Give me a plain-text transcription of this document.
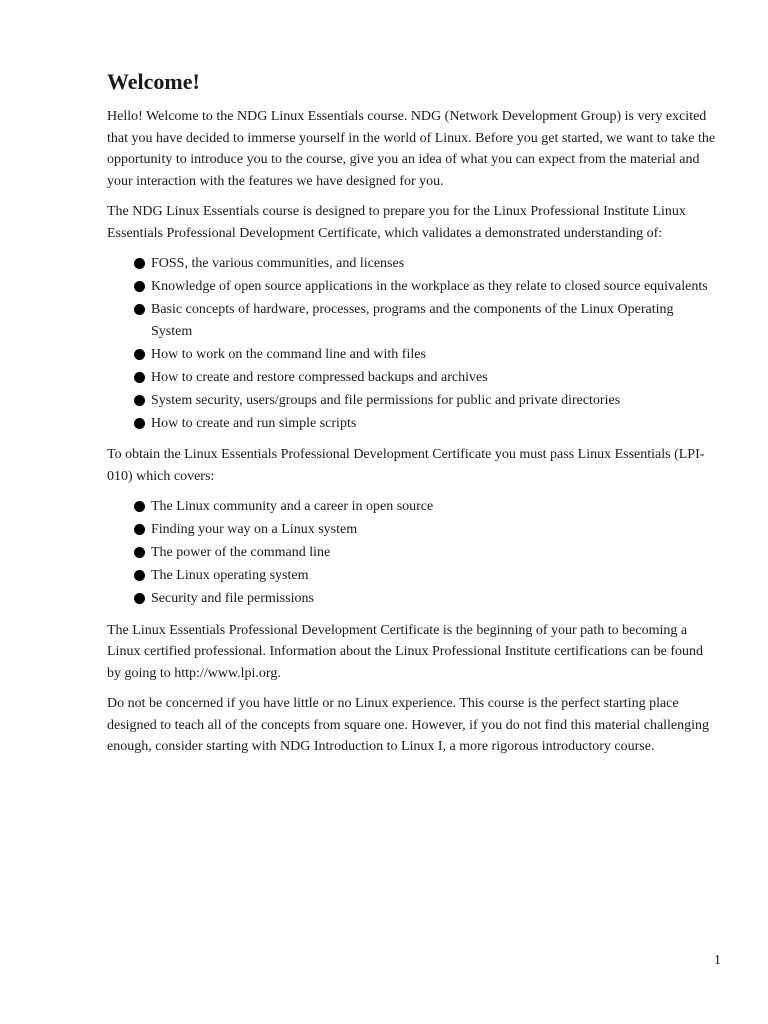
Welcome!

Hello! Welcome to the NDG Linux Essentials course. NDG (Network Development Group) is very excited that you have decided to immerse yourself in the world of Linux. Before you get started, we want to take the opportunity to introduce you to the course, give you an idea of what you can expect from the material and your interaction with the features we have designed for you.

The NDG Linux Essentials course is designed to prepare you for the Linux Professional Institute Linux Essentials Professional Development Certificate, which validates a demonstrated understanding of:

FOSS, the various communities, and licenses
Knowledge of open source applications in the workplace as they relate to closed source equivalents
Basic concepts of hardware, processes, programs and the components of the Linux Operating System
How to work on the command line and with files
How to create and restore compressed backups and archives
System security, users/groups and file permissions for public and private directories
How to create and run simple scripts

To obtain the Linux Essentials Professional Development Certificate you must pass Linux Essentials (LPI-010) which covers:

The Linux community and a career in open source
Finding your way on a Linux system
The power of the command line
The Linux operating system
Security and file permissions

The Linux Essentials Professional Development Certificate is the beginning of your path to becoming a Linux certified professional. Information about the Linux Professional Institute certifications can be found by going to http://www.lpi.org.

Do not be concerned if you have little or no Linux experience. This course is the perfect starting place designed to teach all of the concepts from square one. However, if you do not find this material challenging enough, consider starting with NDG Introduction to Linux I, a more rigorous introductory course.

1
